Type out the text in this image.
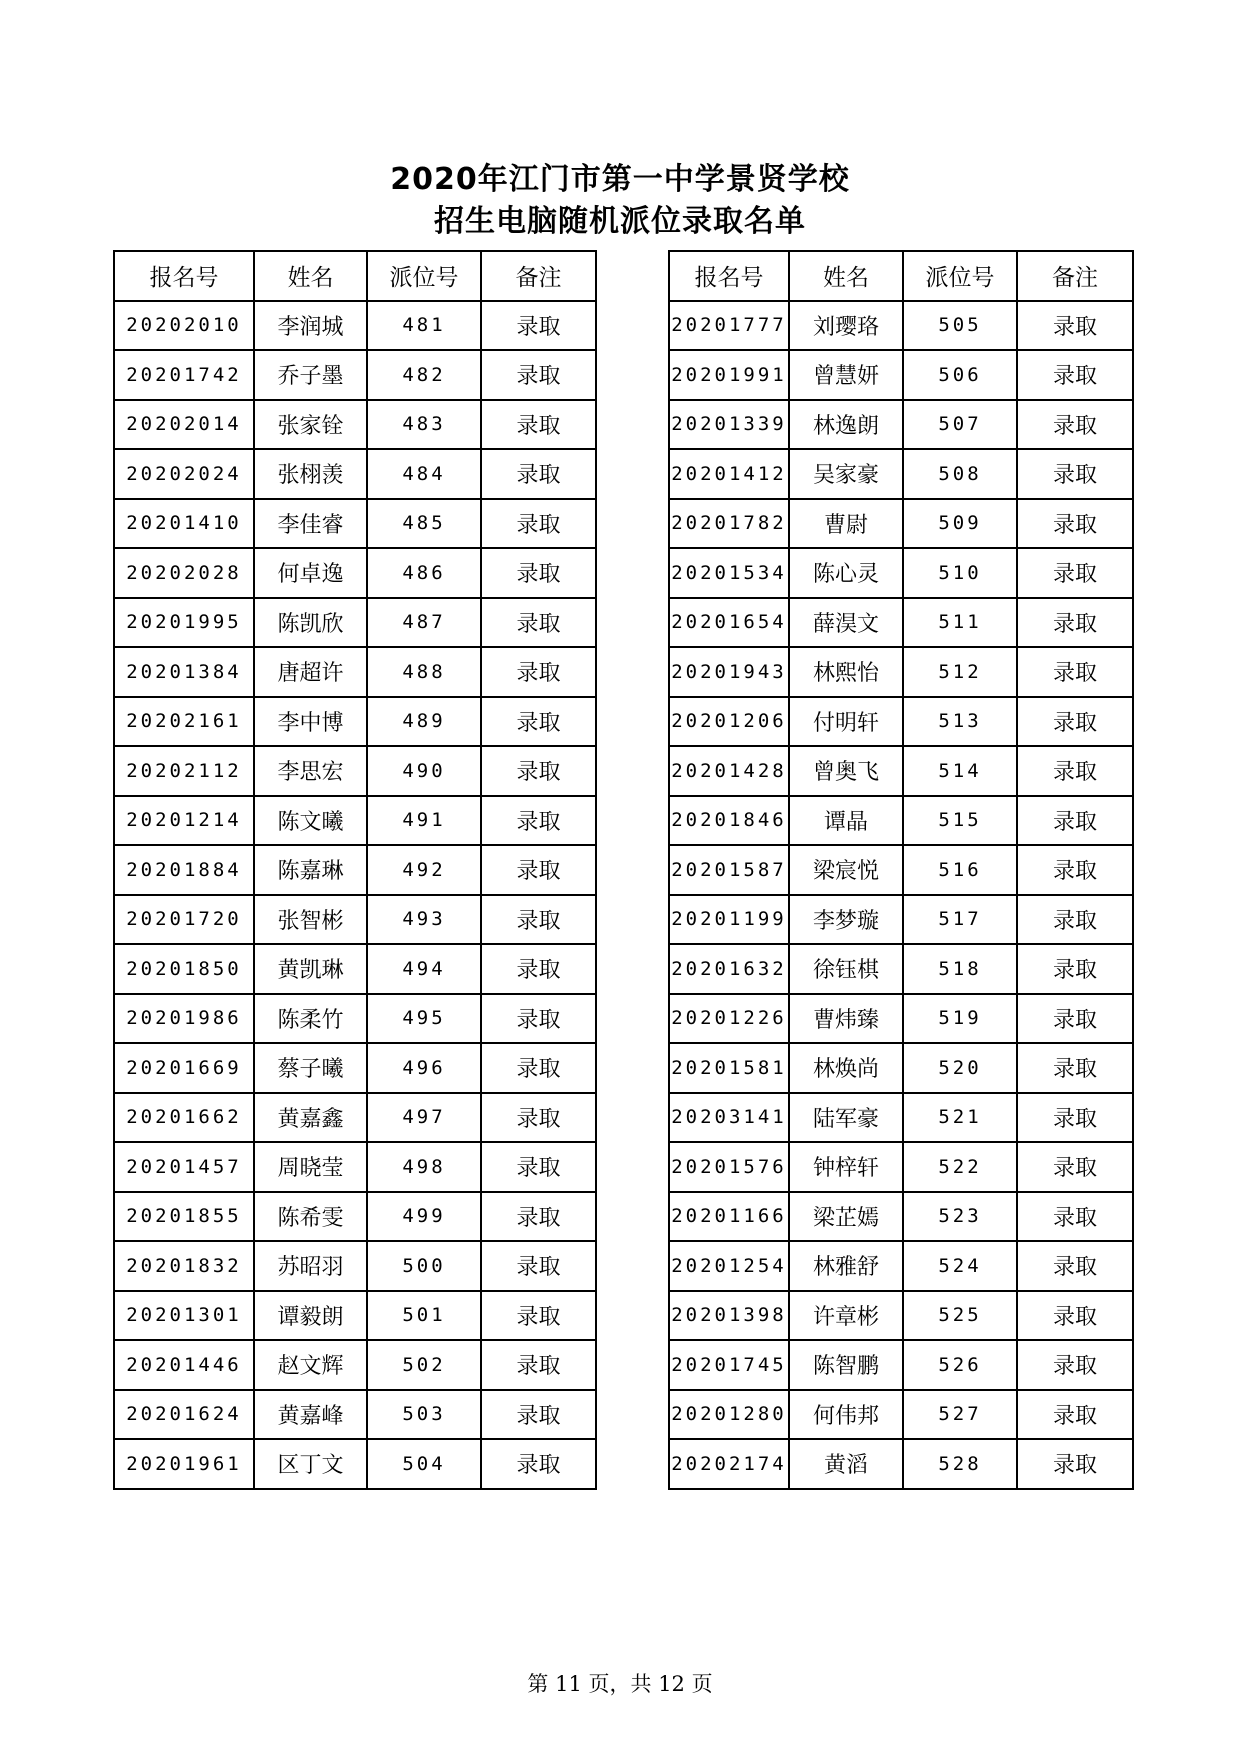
2020年江门市第一中学景贤学校
招生电脑随机派位录取名单
报名号	姓名	派位号	备注
20202010	李润城	481	录取
20201742	乔子墨	482	录取
20202014	张家铨	483	录取
20202024	张栩羡	484	录取
20201410	李佳睿	485	录取
20202028	何卓逸	486	录取
20201995	陈凯欣	487	录取
20201384	唐超许	488	录取
20202161	李中博	489	录取
20202112	李思宏	490	录取
20201214	陈文曦	491	录取
20201884	陈嘉琳	492	录取
20201720	张智彬	493	录取
20201850	黄凯琳	494	录取
20201986	陈柔竹	495	录取
20201669	蔡子曦	496	录取
20201662	黄嘉鑫	497	录取
20201457	周晓莹	498	录取
20201855	陈希雯	499	录取
20201832	苏昭羽	500	录取
20201301	谭毅朗	501	录取
20201446	赵文辉	502	录取
20201624	黄嘉峰	503	录取
20201961	区丁文	504	录取
报名号	姓名	派位号	备注
20201777	刘璎珞	505	录取
20201991	曾慧妍	506	录取
20201339	林逸朗	507	录取
20201412	吴家豪	508	录取
20201782	曹尉	509	录取
20201534	陈心灵	510	录取
20201654	薛淏文	511	录取
20201943	林熙怡	512	录取
20201206	付明轩	513	录取
20201428	曾奥飞	514	录取
20201846	谭晶	515	录取
20201587	梁宸悦	516	录取
20201199	李梦璇	517	录取
20201632	徐钰棋	518	录取
20201226	曹炜臻	519	录取
20201581	林焕尚	520	录取
20203141	陆军豪	521	录取
20201576	钟梓轩	522	录取
20201166	梁芷嫣	523	录取
20201254	林雅舒	524	录取
20201398	许章彬	525	录取
20201745	陈智鹏	526	录取
20201280	何伟邦	527	录取
20202174	黄滔	528	录取
第 11 页，共 12 页
